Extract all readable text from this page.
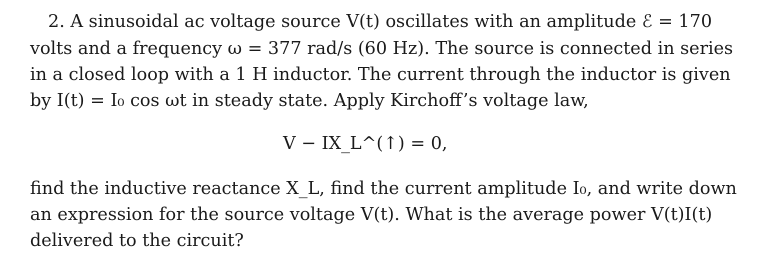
2. A sinusoidal ac voltage source V(t) oscillates with an amplitude ℰ = 170
volts and a frequency ω = 377 rad/s (60 Hz). The source is connected in series
in a closed loop with a 1 H inductor. The current through the inductor is given
by I(t) = I₀ cos ωt in steady state. Apply Kirchoff’s voltage law,
V − IX_L^(↑) = 0,
find the inductive reactance X_L, find the current amplitude I₀, and write down
an expression for the source voltage V(t). What is the average power V(t)I(t)
delivered to the circuit?
